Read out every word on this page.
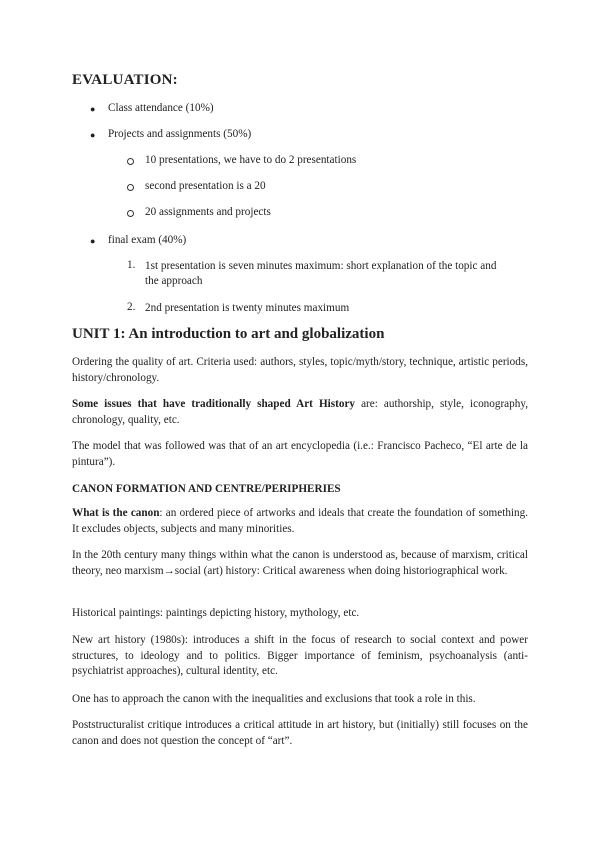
EVALUATION:
● Class attendance (10%)
● Projects and assignments (50%)
10 presentations, we have to do 2 presentations
second presentation is a 20
20 assignments and projects
● final exam (40%)
1. 1st presentation is seven minutes maximum: short explanation of the topic and
the approach
2. 2nd presentation is twenty minutes maximum
UNIT 1: An introduction to art and globalization
Ordering the quality of art. Criteria used: authors, styles, topic/myth/story, technique, artistic periods, history/chronology.
Some issues that have traditionally shaped Art History are: authorship, style, iconography, chronology, quality, etc.
The model that was followed was that of an art encyclopedia (i.e.: Francisco Pacheco, “El arte de la pintura”).
CANON FORMATION AND CENTRE/PERIPHERIES
What is the canon: an ordered piece of artworks and ideals that create the foundation of something. It excludes objects, subjects and many minorities.
In the 20th century many things within what the canon is understood as, because of marxism, critical theory, neo marxism→social (art) history: Critical awareness when doing historiographical work.
Historical paintings: paintings depicting history, mythology, etc.
New art history (1980s): introduces a shift in the focus of research to social context and power structures, to ideology and to politics. Bigger importance of feminism, psychoanalysis (anti-psychiatrist approaches), cultural identity, etc.
One has to approach the canon with the inequalities and exclusions that took a role in this.
Poststructuralist critique introduces a critical attitude in art history, but (initially) still focuses on the canon and does not question the concept of “art”.
